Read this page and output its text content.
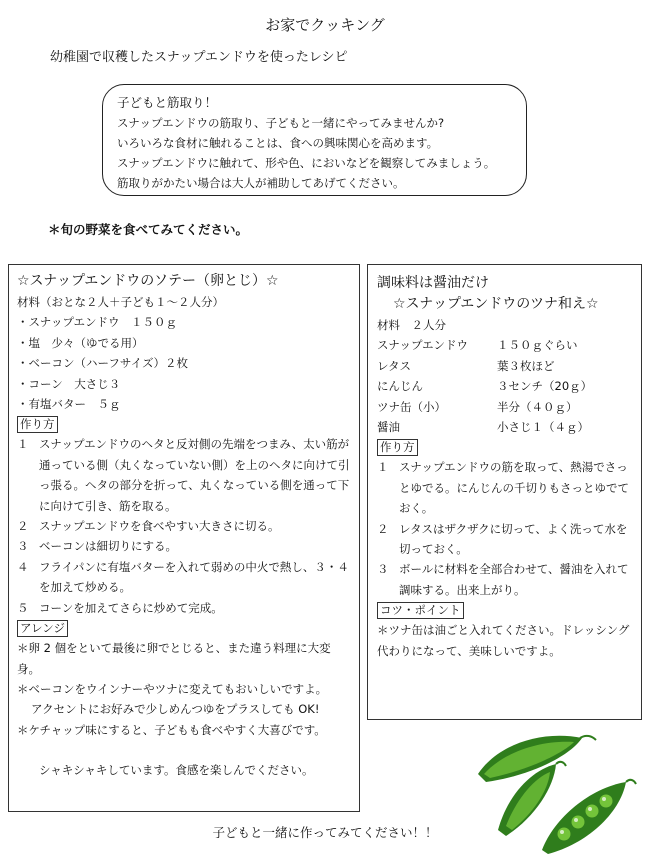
お家でクッキング
幼稚園で収穫したスナップエンドウを使ったレシピ
子どもと筋取り！
スナップエンドウの筋取り、子どもと一緒にやってみませんか?
いろいろな食材に触れることは、食への興味関心を高めます。
スナップエンドウに触れて、形や色、においなどを観察してみましょう。
筋取りがかたい場合は大人が補助してあげてください。
＊旬の野菜を食べてみてください。
☆スナップエンドウのソテー（卵とじ）☆
材料（おとな２人＋子ども１～２人分）
・スナップエンドウ　１５０ｇ
・塩　少々（ゆでる用）
・ベーコン（ハーフサイズ）２枚
・コーン　大さじ３
・有塩バター　５ｇ
作り方
１ スナップエンドウのヘタと反対側の先端をつまみ、太い筋が通っている側（丸くなっていない側）を上のヘタに向けて引っ張る。ヘタの部分を折って、丸くなっている側を通って下に向けて引き、筋を取る。
２ スナップエンドウを食べやすい大きさに切る。
３ ベーコンは細切りにする。
４ フライパンに有塩バターを入れて弱めの中火で熱し、３・４を加えて炒める。
５ コーンを加えてさらに炒めて完成。
アレンジ
＊卵 2 個をといて最後に卵でとじると、また違う料理に大変身。
＊ベーコンをウインナーやツナに変えてもおいしいですよ。
アクセントにお好みで少しめんつゆをプラスしても OK!
＊ケチャップ味にすると、子どもも食べやすく大喜びです。
シャキシャキしています。食感を楽しんでください。
調味料は醤油だけ
☆スナップエンドウのツナ和え☆
材料　２人分
スナップエンドウ	１５０ｇぐらい
レタス	葉３枚ほど
にんじん	３センチ（20ｇ）
ツナ缶（小）	半分（４０ｇ）
醤油	小さじ１（４ｇ）
作り方
１ スナップエンドウの筋を取って、熱湯でさっとゆでる。にんじんの千切りもさっとゆでておく。
２ レタスはザクザクに切って、よく洗って水を切っておく。
３ ボールに材料を全部合わせて、醤油を入れて調味する。出来上がり。
コツ・ポイント
＊ツナ缶は油ごと入れてください。ドレッシング代わりになって、美味しいですよ。
子どもと一緒に作ってみてください！！
